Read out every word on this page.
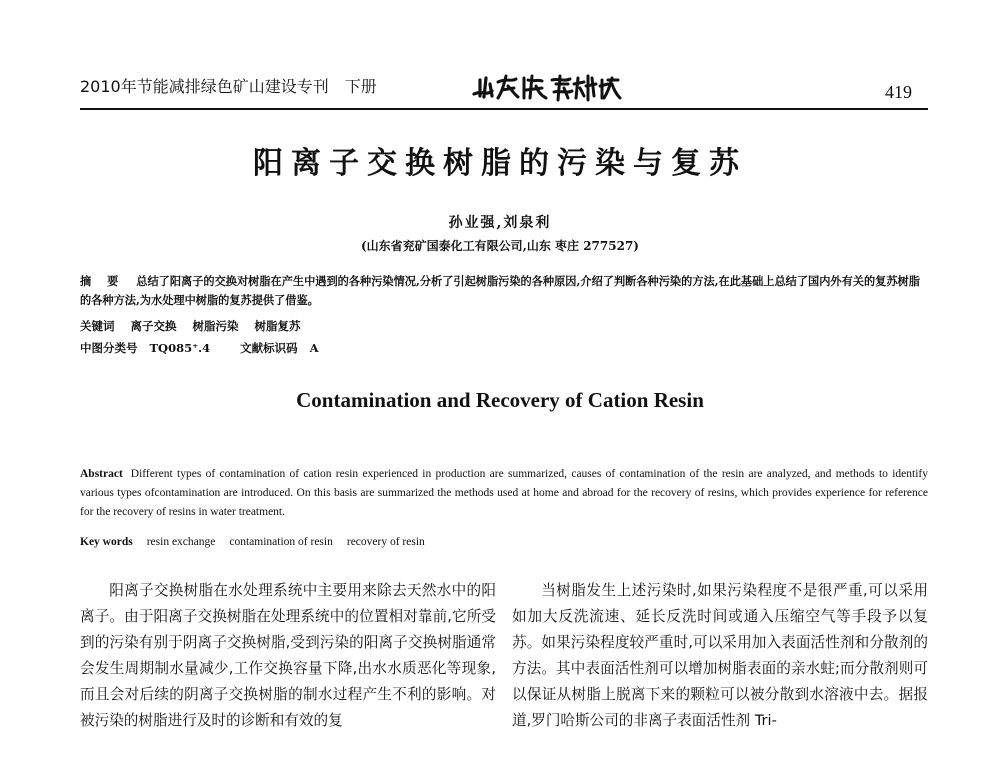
2010年节能减排绿色矿山建设专刊 下册	419
阳离子交换树脂的污染与复苏
孙业强,刘泉利
(山东省兖矿国泰化工有限公司,山东 枣庄 277527)
摘 要 总结了阳离子的交换对树脂在产生中遇到的各种污染情况,分析了引起树脂污染的各种原因,介绍了判断各种污染的方法,在此基础上总结了国内外有关的复苏树脂的各种方法,为水处理中树脂的复苏提供了借鉴。
关键词 离子交换 树脂污染 树脂复苏
中图分类号 TQ085⁺.4	文献标识码 A
Contamination and Recovery of Cation Resin
Abstract Different types of contamination of cation resin experienced in production are summarized, causes of contamination of the resin are analyzed, and methods to identify various types ofcontamination are introduced. On this basis are summarized the methods used at home and abroad for the recovery of resins, which provides experience for reference for the recovery of resins in water treatment.
Key words resin exchange contamination of resin recovery of resin

阳离子交换树脂在水处理系统中主要用来除去天然水中的阳离子。由于阳离子交换树脂在处理系统中的位置相对靠前,它所受到的污染有别于阴离子交换树脂,受到污染的阳离子交换树脂通常会发生周期制水量减少,工作交换容量下降,出水水质恶化等现象,而且会对后续的阴离子交换树脂的制水过程产生不利的影响。对被污染的树脂进行及时的诊断和有效的复

当树脂发生上述污染时,如果污染程度不是很严重,可以采用如加大反洗流速、延长反洗时间或通入压缩空气等手段予以复苏。如果污染程度较严重时,可以采用加入表面活性剂和分散剂的方法。其中表面活性剂可以增加树脂表面的亲水蛀;而分散剂则可以保证从树脂上脱离下来的颗粒可以被分散到水溶液中去。据报道,罗门哈斯公司的非离子表面活性剂 Tri-
